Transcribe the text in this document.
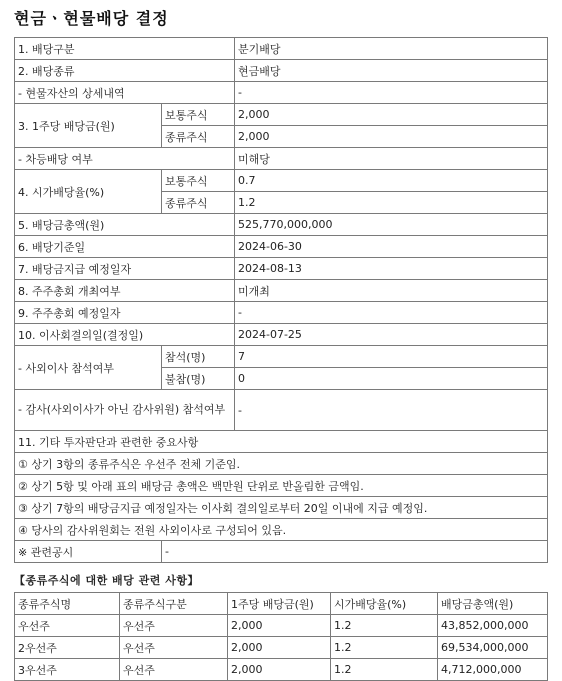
현금ㆍ현물배당 결정
1. 배당구분		분기배당
2. 배당종류		현금배당
- 현물자산의 상세내역		-
3. 1주당 배당금(원)	보통주식	2,000
	종류주식	2,000
- 차등배당 여부		미해당
4. 시가배당율(%)	보통주식	0.7
	종류주식	1.2
5. 배당금총액(원)		525,770,000,000
6. 배당기준일		2024-06-30
7. 배당금지급 예정일자		2024-08-13
8. 주주총회 개최여부		미개최
9. 주주총회 예정일자		-
10. 이사회결의일(결정일)		2024-07-25
- 사외이사 참석여부	참석(명)	7
	불참(명)	0
- 감사(사외이사가 아닌 감사위원) 참석여부		-
11. 기타 투자판단과 관련한 중요사항		
① 상기 3항의 종류주식은 우선주 전체 기준임.		
② 상기 5항 및 아래 표의 배당금 총액은 백만원 단위로 반올림한 금액임.		
③ 상기 7항의 배당금지급 예정일자는 이사회 결의일로부터 20일 이내에 지급 예정임.		
④ 당사의 감사위원회는 전원 사외이사로 구성되어 있음.		
※ 관련공시	-	
【종류주식에 대한 배당 관련 사항】
종류주식명	종류주식구분	1주당 배당금(원)	시가배당율(%)	배당금총액(원)
우선주	우선주	2,000	1.2	43,852,000,000
2우선주	우선주	2,000	1.2	69,534,000,000
3우선주	우선주	2,000	1.2	4,712,000,000
